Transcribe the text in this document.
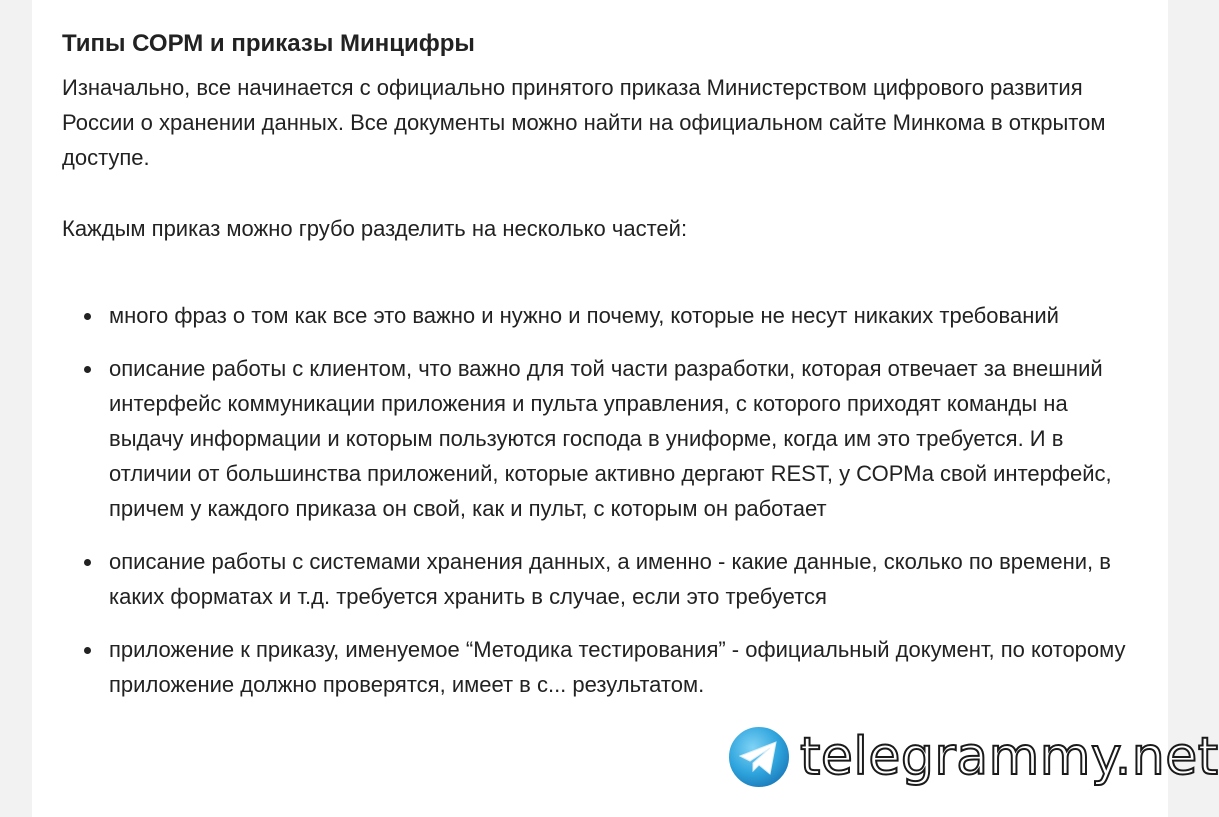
Типы СОРМ и приказы Минцифры

Изначально, все начинается с официально принятого приказа Министерством цифрового развития России о хранении данных. Все документы можно найти на официальном сайте Минкома в открытом доступе.

Каждым приказ можно грубо разделить на несколько частей:

много фраз о том как все это важно и нужно и почему, которые не несут никаких требований
описание работы с клиентом, что важно для той части разработки, которая отвечает за внешний интерфейс коммуникации приложения и пульта управления, с которого приходят команды на выдачу информации и которым пользуются господа в униформе, когда им это требуется. И в отличии от большинства приложений, которые активно дергают REST, у СОРМа свой интерфейс, причем у каждого приказа он свой, как и пульт, с которым он работает
описание работы с системами хранения данных, а именно - какие данные, сколько по времени, в каких форматах и т.д. требуется хранить в случае, если это требуется
приложение к приказу, именуемое “Методика тестирования” - официальный документ, по которому приложение должно проверятся, имеет в с... результатом.
telegrammy.net
